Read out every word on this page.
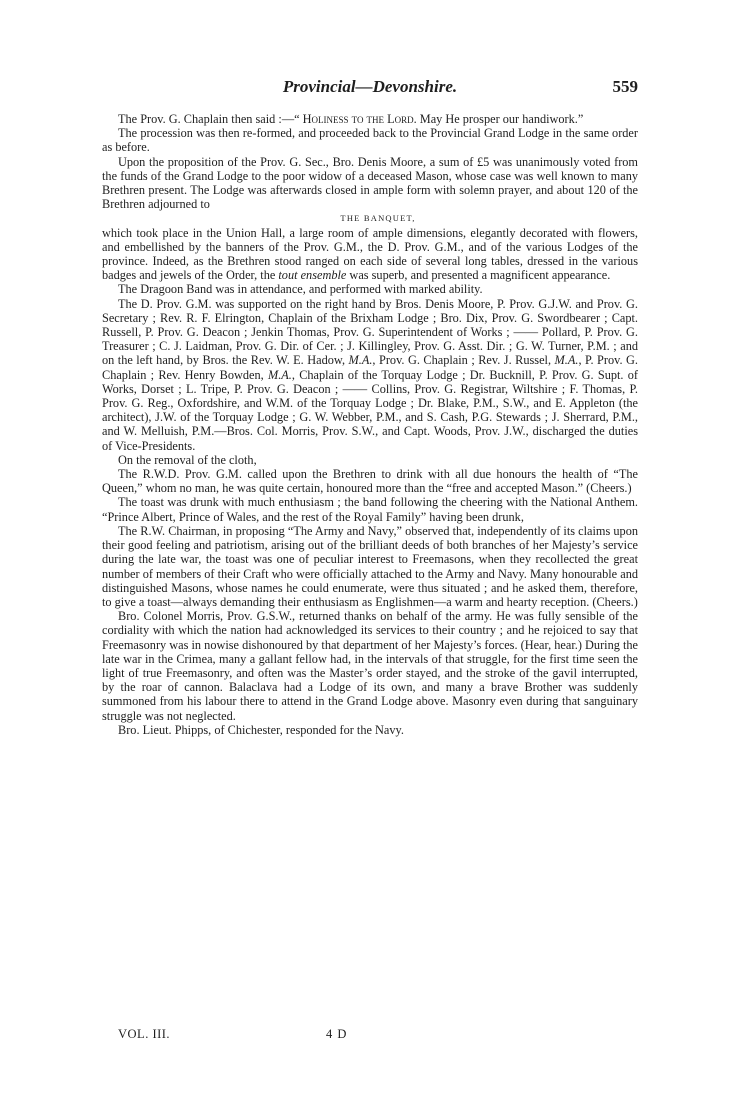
Provincial—Devonshire.	559

The Prov. G. Chaplain then said :—“ Holiness to the Lord. May He prosper our handiwork.”

The procession was then re-formed, and proceeded back to the Provincial Grand Lodge in the same order as before.

Upon the proposition of the Prov. G. Sec., Bro. Denis Moore, a sum of £5 was unanimously voted from the funds of the Grand Lodge to the poor widow of a deceased Mason, whose case was well known to many Brethren present. The Lodge was afterwards closed in ample form with solemn prayer, and about 120 of the Brethren adjourned to

THE BANQUET,

which took place in the Union Hall, a large room of ample dimensions, elegantly decorated with flowers, and embellished by the banners of the Prov. G.M., the D. Prov. G.M., and of the various Lodges of the province. Indeed, as the Brethren stood ranged on each side of several long tables, dressed in the various badges and jewels of the Order, the tout ensemble was superb, and presented a magnificent appearance.

The Dragoon Band was in attendance, and performed with marked ability.

The D. Prov. G.M. was supported on the right hand by Bros. Denis Moore, P. Prov. G.J.W. and Prov. G. Secretary ; Rev. R. F. Elrington, Chaplain of the Brixham Lodge ; Bro. Dix, Prov. G. Swordbearer ; Capt. Russell, P. Prov. G. Deacon ; Jenkin Thomas, Prov. G. Superintendent of Works ; —— Pollard, P. Prov. G. Treasurer ; C. J. Laidman, Prov. G. Dir. of Cer. ; J. Killingley, Prov. G. Asst. Dir. ; G. W. Turner, P.M. ; and on the left hand, by Bros. the Rev. W. E. Hadow, M.A., Prov. G. Chaplain ; Rev. J. Russel, M.A., P. Prov. G. Chaplain ; Rev. Henry Bowden, M.A., Chaplain of the Torquay Lodge ; Dr. Bucknill, P. Prov. G. Supt. of Works, Dorset ; L. Tripe, P. Prov. G. Deacon ; —— Collins, Prov. G. Registrar, Wiltshire ; F. Thomas, P. Prov. G. Reg., Oxfordshire, and W.M. of the Torquay Lodge ; Dr. Blake, P.M., S.W., and E. Appleton (the architect), J.W. of the Torquay Lodge ; G. W. Webber, P.M., and S. Cash, P.G. Stewards ; J. Sherrard, P.M., and W. Melluish, P.M.—Bros. Col. Morris, Prov. S.W., and Capt. Woods, Prov. J.W., discharged the duties of Vice-Presidents.

On the removal of the cloth,

The R.W.D. Prov. G.M. called upon the Brethren to drink with all due honours the health of “The Queen,” whom no man, he was quite certain, honoured more than the “free and accepted Mason.” (Cheers.)

The toast was drunk with much enthusiasm ; the band following the cheering with the National Anthem. “Prince Albert, Prince of Wales, and the rest of the Royal Family” having been drunk,

The R.W. Chairman, in proposing “The Army and Navy,” observed that, independently of its claims upon their good feeling and patriotism, arising out of the brilliant deeds of both branches of her Majesty’s service during the late war, the toast was one of peculiar interest to Freemasons, when they recollected the great number of members of their Craft who were officially attached to the Army and Navy. Many honourable and distinguished Masons, whose names he could enumerate, were thus situated ; and he asked them, therefore, to give a toast—always demanding their enthusiasm as Englishmen—a warm and hearty reception. (Cheers.)

Bro. Colonel Morris, Prov. G.S.W., returned thanks on behalf of the army. He was fully sensible of the cordiality with which the nation had acknowledged its services to their country ; and he rejoiced to say that Freemasonry was in nowise dishonoured by that department of her Majesty’s forces. (Hear, hear.) During the late war in the Crimea, many a gallant fellow had, in the intervals of that struggle, for the first time seen the light of true Freemasonry, and often was the Master’s order stayed, and the stroke of the gavil interrupted, by the roar of cannon. Balaclava had a Lodge of its own, and many a brave Brother was suddenly summoned from his labour there to attend in the Grand Lodge above. Masonry even during that sanguinary struggle was not neglected.

Bro. Lieut. Phipps, of Chichester, responded for the Navy.

VOL. III.	4 D
